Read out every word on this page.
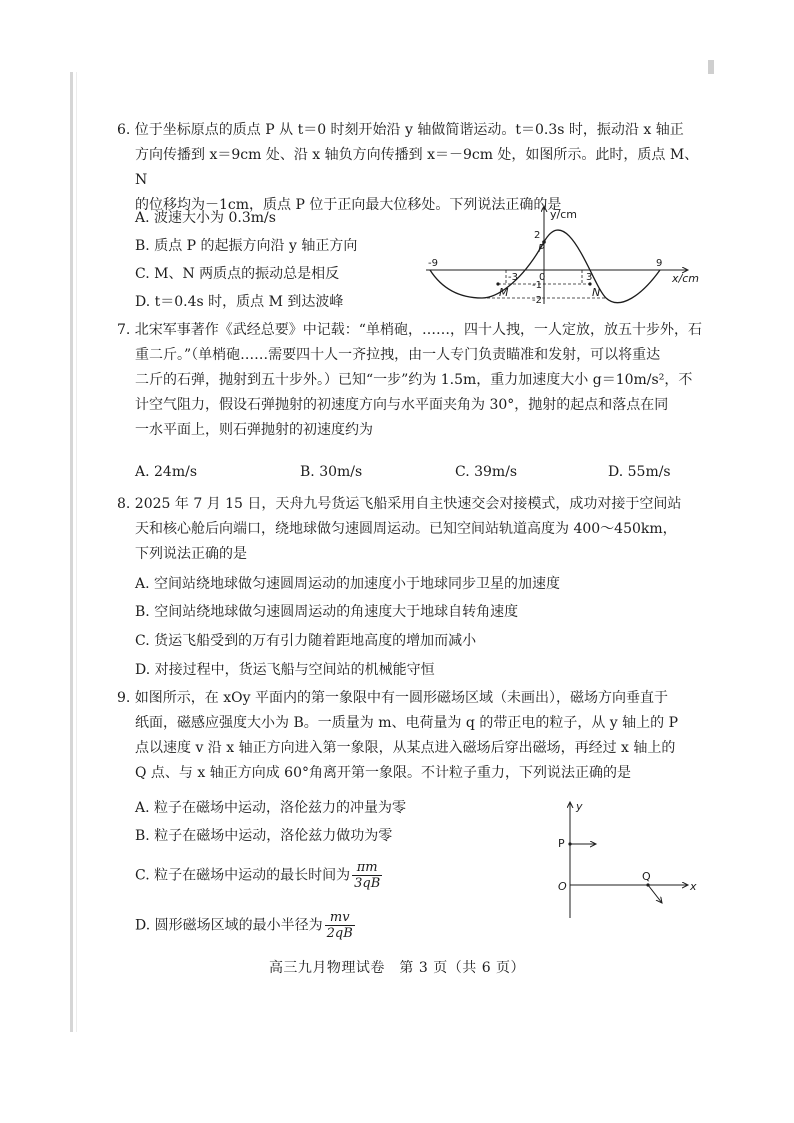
6. 位于坐标原点的质点 P 从 t＝0 时刻开始沿 y 轴做简谐运动。t＝0.3s 时，振动沿 x 轴正

方向传播到 x＝9cm 处、沿 x 轴负方向传播到 x＝－9cm 处，如图所示。此时，质点 M、N

的位移均为－1cm，质点 P 位于正向最大位移处。下列说法正确的是

A. 波速大小为 0.3m/s
B. 质点 P 的起振方向沿 y 轴正方向
C. M、N 两质点的振动总是相反
D. t＝0.4s 时，质点 M 到达波峰
y/cm
x/cm
2
-1
-2
-9
-3 0	3
9
P
M	N

7. 北宋军事著作《武经总要》中记载：“单梢砲，……，四十人拽，一人定放，放五十步外，石

重二斤。”（单梢砲……需要四十人一齐拉拽，由一人专门负责瞄准和发射，可以将重达

二斤的石弹，抛射到五十步外。）已知“一步”约为 1.5m，重力加速度大小 g＝10m/s²，不

计空气阻力，假设石弹抛射的初速度方向与水平面夹角为 30°，抛射的起点和落点在同

一水平面上，则石弹抛射的初速度约为

A. 24m/s	B. 30m/s	C. 39m/s	D. 55m/s

8. 2025 年 7 月 15 日，天舟九号货运飞船采用自主快速交会对接模式，成功对接于空间站

天和核心舱后向端口，绕地球做匀速圆周运动。已知空间站轨道高度为 400～450km，

下列说法正确的是

A. 空间站绕地球做匀速圆周运动的加速度小于地球同步卫星的加速度
B. 空间站绕地球做匀速圆周运动的角速度大于地球自转角速度
C. 货运飞船受到的万有引力随着距地高度的增加而减小
D. 对接过程中，货运飞船与空间站的机械能守恒

9. 如图所示，在 xOy 平面内的第一象限中有一圆形磁场区域（未画出），磁场方向垂直于

纸面，磁感应强度大小为 B。一质量为 m、电荷量为 q 的带正电的粒子，从 y 轴上的 P

点以速度 v 沿 x 轴正方向进入第一象限，从某点进入磁场后穿出磁场，再经过 x 轴上的

Q 点、与 x 轴正方向成 60°角离开第一象限。不计粒子重力，下列说法正确的是

A. 粒子在磁场中运动，洛伦兹力的冲量为零
B. 粒子在磁场中运动，洛伦兹力做功为零
C. 粒子在磁场中运动的最长时间为 $\frac{\pi m}{3qB}$
D. 圆形磁场区域的最小半径为 $\frac{mv}{2qB}$
y
x
O
P
Q
高三九月物理试卷　第 3 页（共 6 页）
